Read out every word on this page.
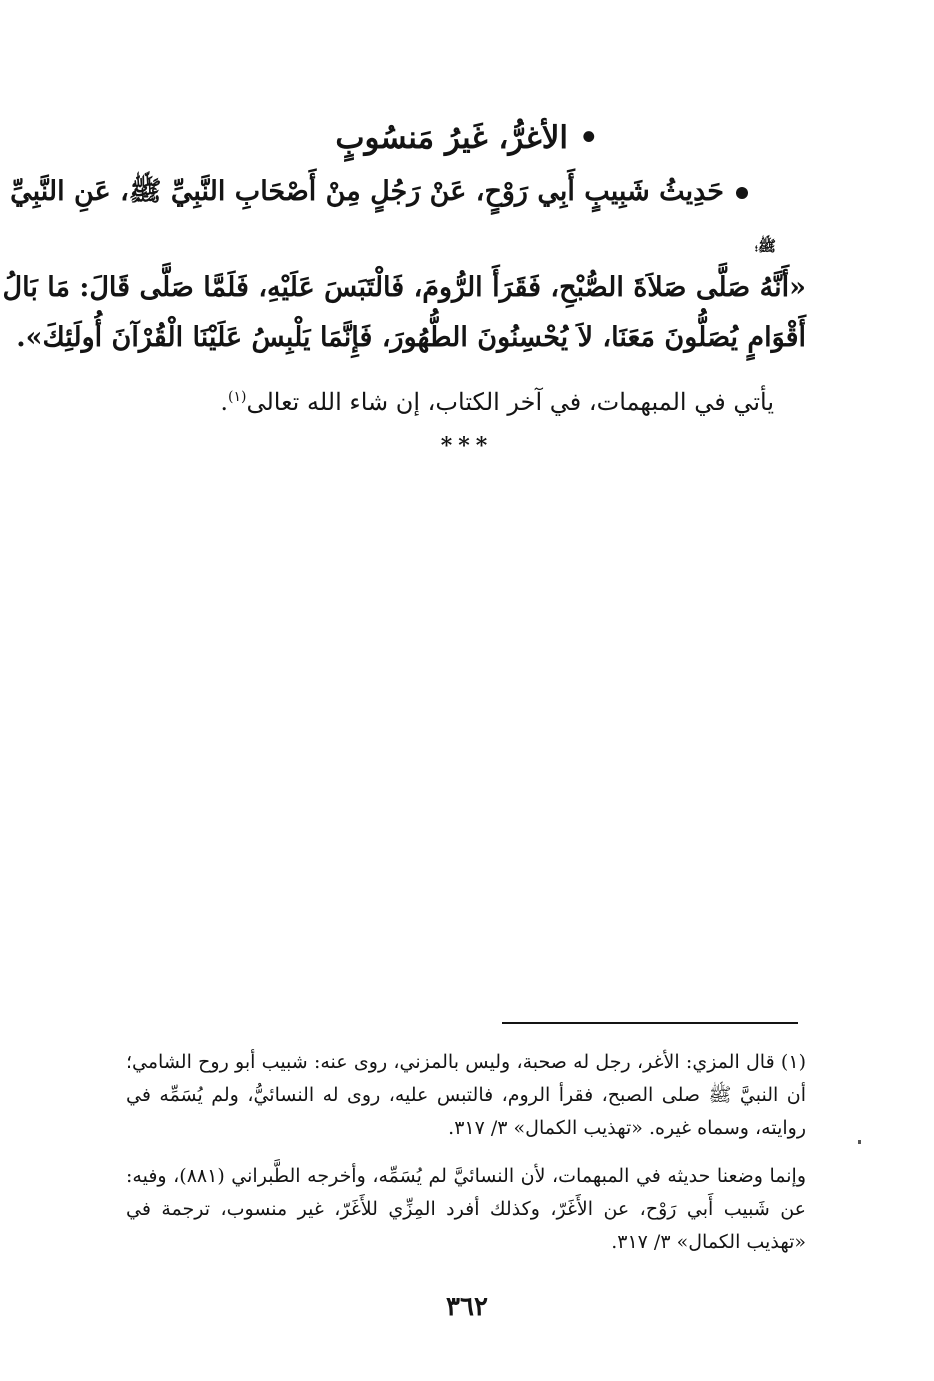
• الأغرُّ، غَيرُ مَنسُوبٍ
حَدِيثُ شَبِيبٍ أَبِي رَوْحٍ، عَنْ رَجُلٍ مِنْ أَصْحَابِ النَّبِيِّ ﷺ، عَنِ النَّبِيِّ
ﷺ؛
«أَنَّهُ صَلَّى صَلاَةَ الصُّبْحِ، فَقَرَأَ الرُّومَ، فَالْتَبَسَ عَلَيْهِ، فَلَمَّا صَلَّى قَالَ: مَا بَالُ
أَقْوَامٍ يُصَلُّونَ مَعَنَا، لاَ يُحْسِنُونَ الطُّهُورَ، فَإِنَّمَا يَلْبِسُ عَلَيْنَا الْقُرْآنَ أُولَئِكَ».
يأتي في المبهمات، في آخر الكتاب، إن شاء الله تعالى$^{(١)}$.
***
(١) قال المزي: الأغر، رجل له صحبة، وليس بالمزني، روى عنه: شبيب أبو روح الشامي؛ أن النبيَّ ﷺ صلى الصبح، فقرأ الروم، فالتبس عليه، روى له النسائيُّ، ولم يُسَمِّه في روايته، وسماه غيره. «تهذيب الكمال» ٣/ ٣١٧.
وإنما وضعنا حديثه في المبهمات، لأن النسائيَّ لم يُسَمِّه، وأخرجه الطَّبراني (٨٨١)، وفيه: عن شَبيب أَبي رَوْح، عن الأَغَرّ، وكذلك أفرد المِزِّي للأَغَرّ، غير منسوب، ترجمة في «تهذيب الكمال» ٣/ ٣١٧.
٣٦٢
